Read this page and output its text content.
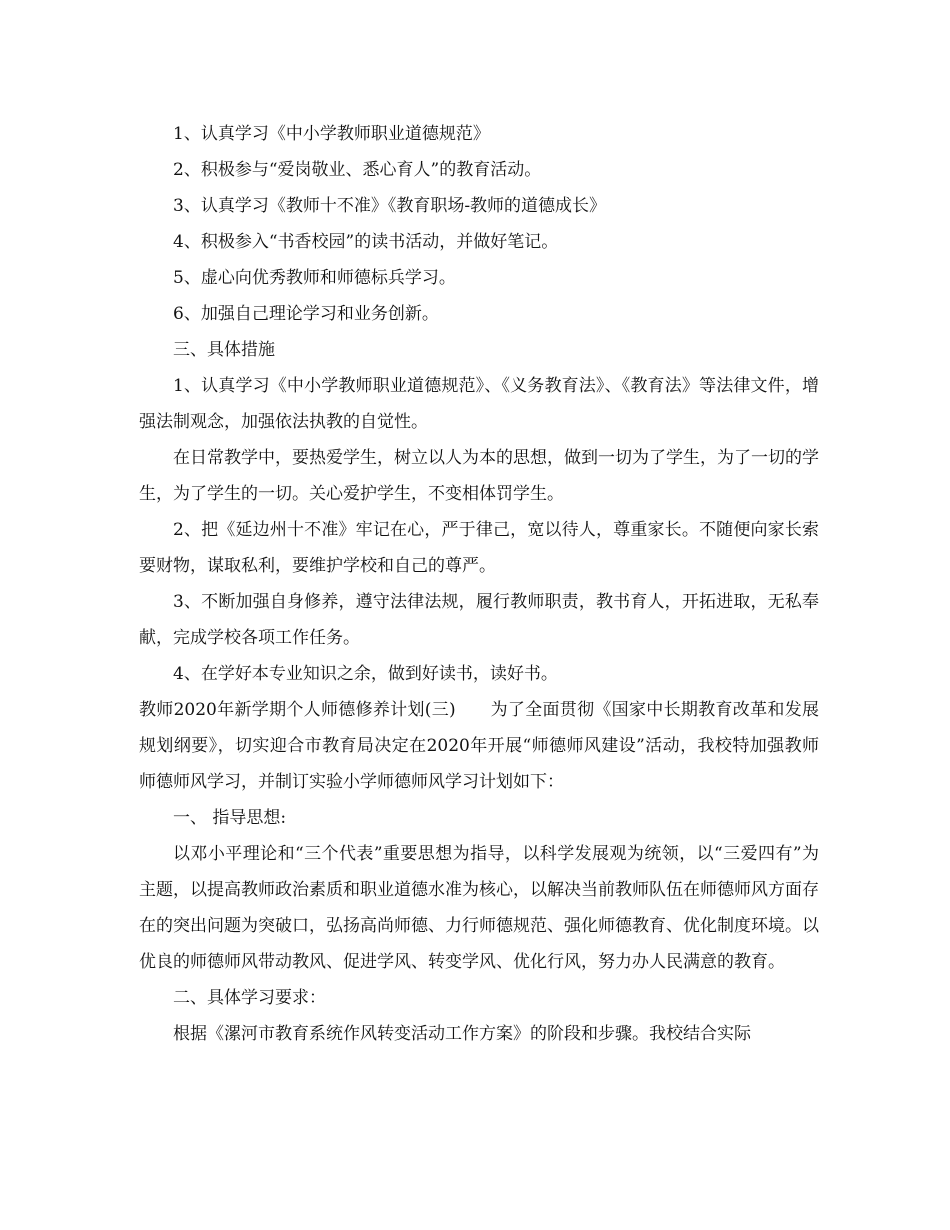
1、认真学习《中小学教师职业道德规范》

2、积极参与“爱岗敬业、悉心育人”的教育活动。

3、认真学习《教师十不准》《教育职场-教师的道德成长》

4、积极参入“书香校园”的读书活动，并做好笔记。

5、虚心向优秀教师和师德标兵学习。

6、加强自己理论学习和业务创新。

三、具体措施

1、认真学习《中小学教师职业道德规范》、《义务教育法》、《教育法》等法律文件，增强法制观念，加强依法执教的自觉性。

在日常教学中，要热爱学生，树立以人为本的思想，做到一切为了学生，为了一切的学生，为了学生的一切。关心爱护学生，不变相体罚学生。

2、把《延边州十不准》牢记在心，严于律己，宽以待人，尊重家长。不随便向家长索要财物，谋取私利，要维护学校和自己的尊严。

3、不断加强自身修养，遵守法律法规，履行教师职责，教书育人，开拓进取，无私奉献，完成学校各项工作任务。

4、在学好本专业知识之余，做到好读书，读好书。

教师2020年新学期个人师德修养计划(三)　　为了全面贯彻《国家中长期教育改革和发展规划纲要》，切实迎合市教育局决定在2020年开展“师德师风建设”活动，我校特加强教师师德师风学习，并制订实验小学师德师风学习计划如下：

一、 指导思想:

以邓小平理论和“三个代表”重要思想为指导，以科学发展观为统领，以“三爱四有”为主题，以提高教师政治素质和职业道德水准为核心，以解决当前教师队伍在师德师风方面存在的突出问题为突破口，弘扬高尚师德、力行师德规范、强化师德教育、优化制度环境。以优良的师德师风带动教风、促进学风、转变学风、优化行风，努力办人民满意的教育。

二、具体学习要求：

根据《漯河市教育系统作风转变活动工作方案》的阶段和步骤。我校结合实际
